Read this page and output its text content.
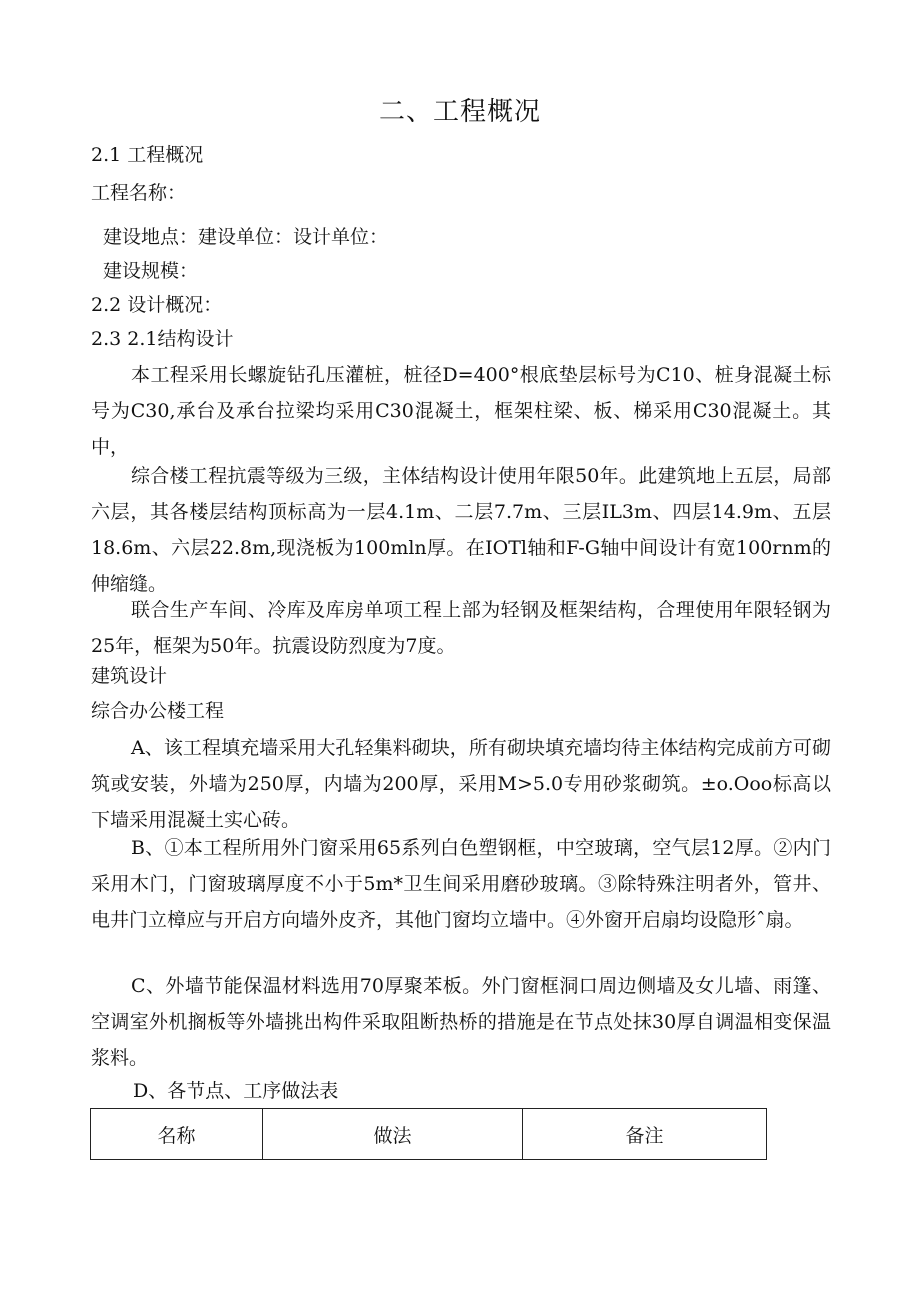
二、工程概况
2.1 工程概况
工程名称：
建设地点：建设单位：设计单位：
建设规模：
2.2 设计概况：
2.3 2.1结构设计
本工程采用长螺旋钻孔压灌桩，桩径D=400°根底垫层标号为C10、桩身混凝土标号为C30,承台及承台拉梁均采用C30混凝土，框架柱梁、板、梯采用C30混凝土。其中，
综合楼工程抗震等级为三级，主体结构设计使用年限50年。此建筑地上五层，局部六层，其各楼层结构顶标高为一层4.1m、二层7.7m、三层IL3m、四层14.9m、五层18.6m、六层22.8m,现浇板为100mln厚。在IOTl轴和F-G轴中间设计有宽100rnm的伸缩缝。
联合生产车间、冷库及库房单项工程上部为轻钢及框架结构，合理使用年限轻钢为25年，框架为50年。抗震设防烈度为7度。
建筑设计
综合办公楼工程
A、该工程填充墙采用大孔轻集料砌块，所有砌块填充墙均待主体结构完成前方可砌筑或安装，外墙为250厚，内墙为200厚，采用M>5.0专用砂浆砌筑。±o.Ooo标高以下墙采用混凝土实心砖。
B、①本工程所用外门窗采用65系列白色塑钢框，中空玻璃，空气层12厚。②内门采用木门，门窗玻璃厚度不小于5m*卫生间采用磨砂玻璃。③除特殊注明者外，管井、电井门立樟应与开启方向墙外皮齐，其他门窗均立墙中。④外窗开启扇均设隐形ˆ扇。
C、外墙节能保温材料选用70厚聚苯板。外门窗框洞口周边侧墙及女儿墙、雨篷、空调室外机搁板等外墙挑出构件采取阻断热桥的措施是在节点处抹30厚自调温相变保温浆料。
D、各节点、工序做法表
名称	做法	备注
